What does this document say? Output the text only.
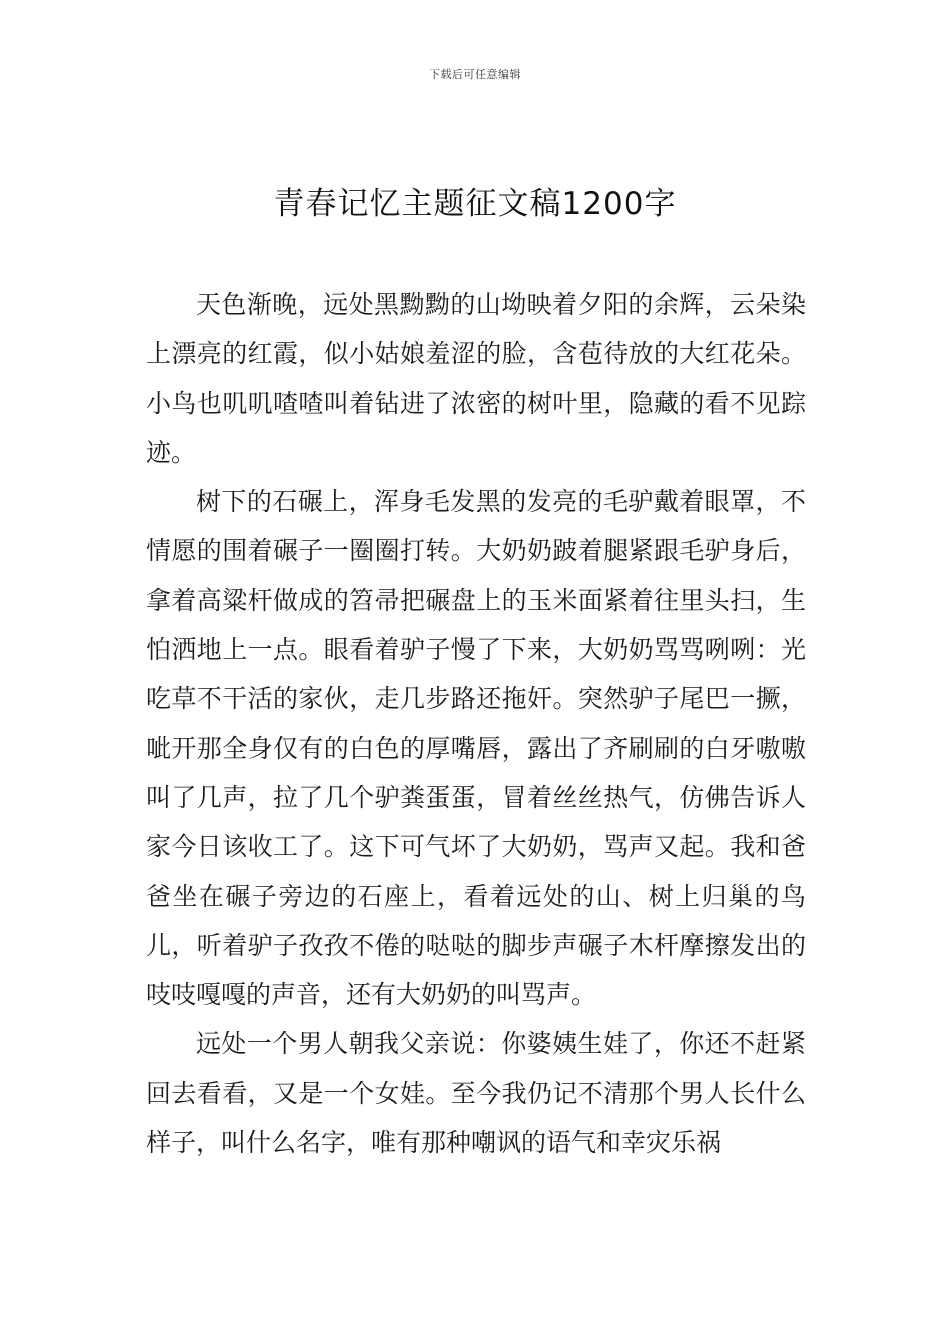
下载后可任意编辑
青春记忆主题征文稿1200字

天色渐晚，远处黑黝黝的山坳映着夕阳的余辉，云朵染上漂亮的红霞，似小姑娘羞涩的脸，含苞待放的大红花朵。小鸟也叽叽喳喳叫着钻进了浓密的树叶里，隐藏的看不见踪迹。

树下的石碾上，浑身毛发黑的发亮的毛驴戴着眼罩，不情愿的围着碾子一圈圈打转。大奶奶跛着腿紧跟毛驴身后，拿着高粱杆做成的笤帚把碾盘上的玉米面紧着往里头扫，生怕洒地上一点。眼看着驴子慢了下来，大奶奶骂骂咧咧：光吃草不干活的家伙，走几步路还拖奸。突然驴子尾巴一撅，呲开那全身仅有的白色的厚嘴唇，露出了齐刷刷的白牙嗷嗷叫了几声，拉了几个驴粪蛋蛋，冒着丝丝热气，仿佛告诉人家今日该收工了。这下可气坏了大奶奶，骂声又起。我和爸爸坐在碾子旁边的石座上，看着远处的山、树上归巢的鸟儿，听着驴子孜孜不倦的哒哒的脚步声碾子木杆摩擦发出的吱吱嘎嘎的声音，还有大奶奶的叫骂声。

远处一个男人朝我父亲说：你婆姨生娃了，你还不赶紧回去看看，又是一个女娃。至今我仍记不清那个男人长什么样子，叫什么名字，唯有那种嘲讽的语气和幸灾乐祸
